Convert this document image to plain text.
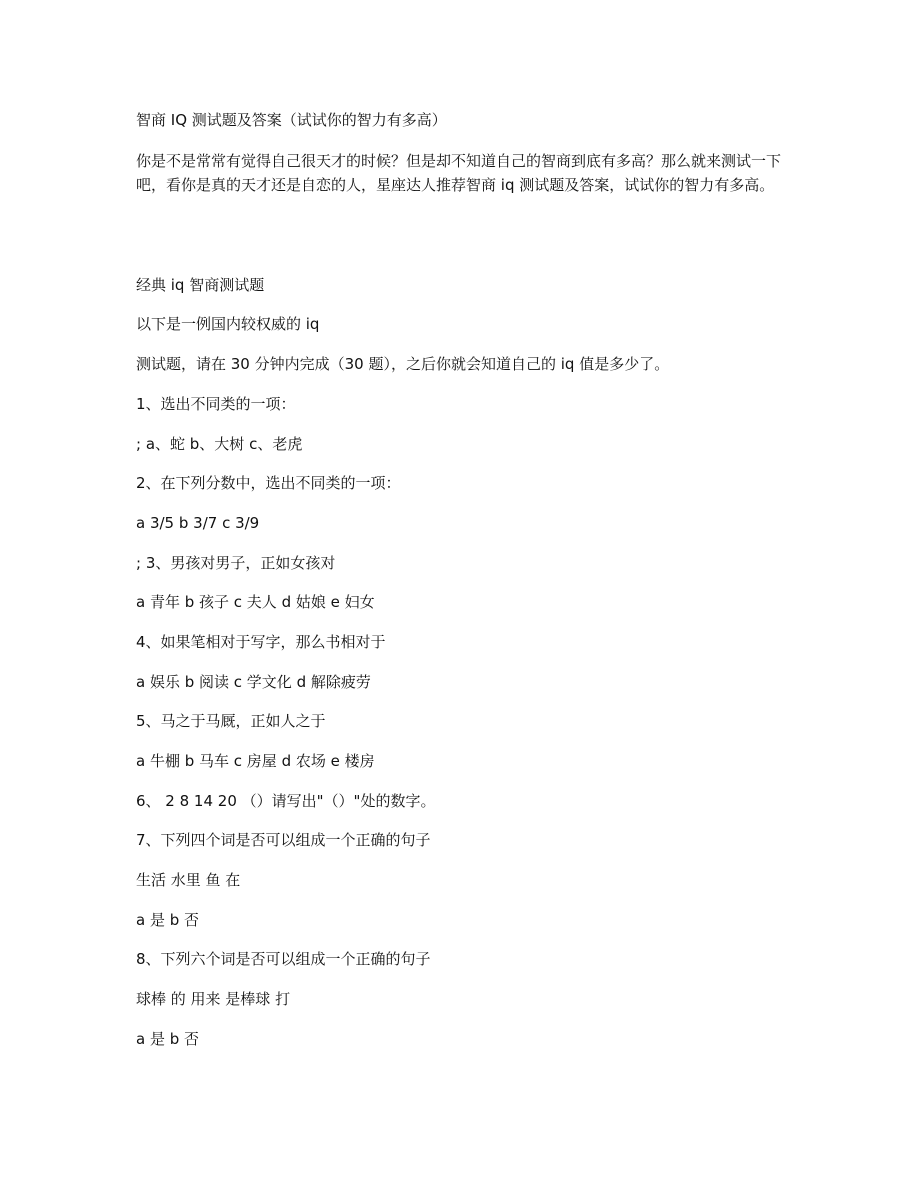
智商 IQ 测试题及答案（试试你的智力有多高）
你是不是常常有觉得自己很天才的时候？但是却不知道自己的智商到底有多高？那么就来测试一下吧，看你是真的天才还是自恋的人，星座达人推荐智商 iq 测试题及答案，试试你的智力有多高。
经典 iq 智商测试题
以下是一例国内较权威的 iq
测试题，请在 30 分钟内完成（30 题），之后你就会知道自己的 iq 值是多少了。
1、选出不同类的一项：
; a、蛇 b、大树 c、老虎
2、在下列分数中，选出不同类的一项：
a 3/5 b 3/7 c 3/9
; 3、男孩对男子，正如女孩对
a 青年 b 孩子 c 夫人 d 姑娘 e 妇女
4、如果笔相对于写字，那么书相对于
a 娱乐 b 阅读 c 学文化 d 解除疲劳
5、马之于马厩，正如人之于
a 牛棚 b 马车 c 房屋 d 农场 e 楼房
6、 2 8 14 20 （）请写出"（）"处的数字。
7、下列四个词是否可以组成一个正确的句子
生活 水里 鱼 在
a 是 b 否
8、下列六个词是否可以组成一个正确的句子
球棒 的 用来 是棒球 打
a 是 b 否
